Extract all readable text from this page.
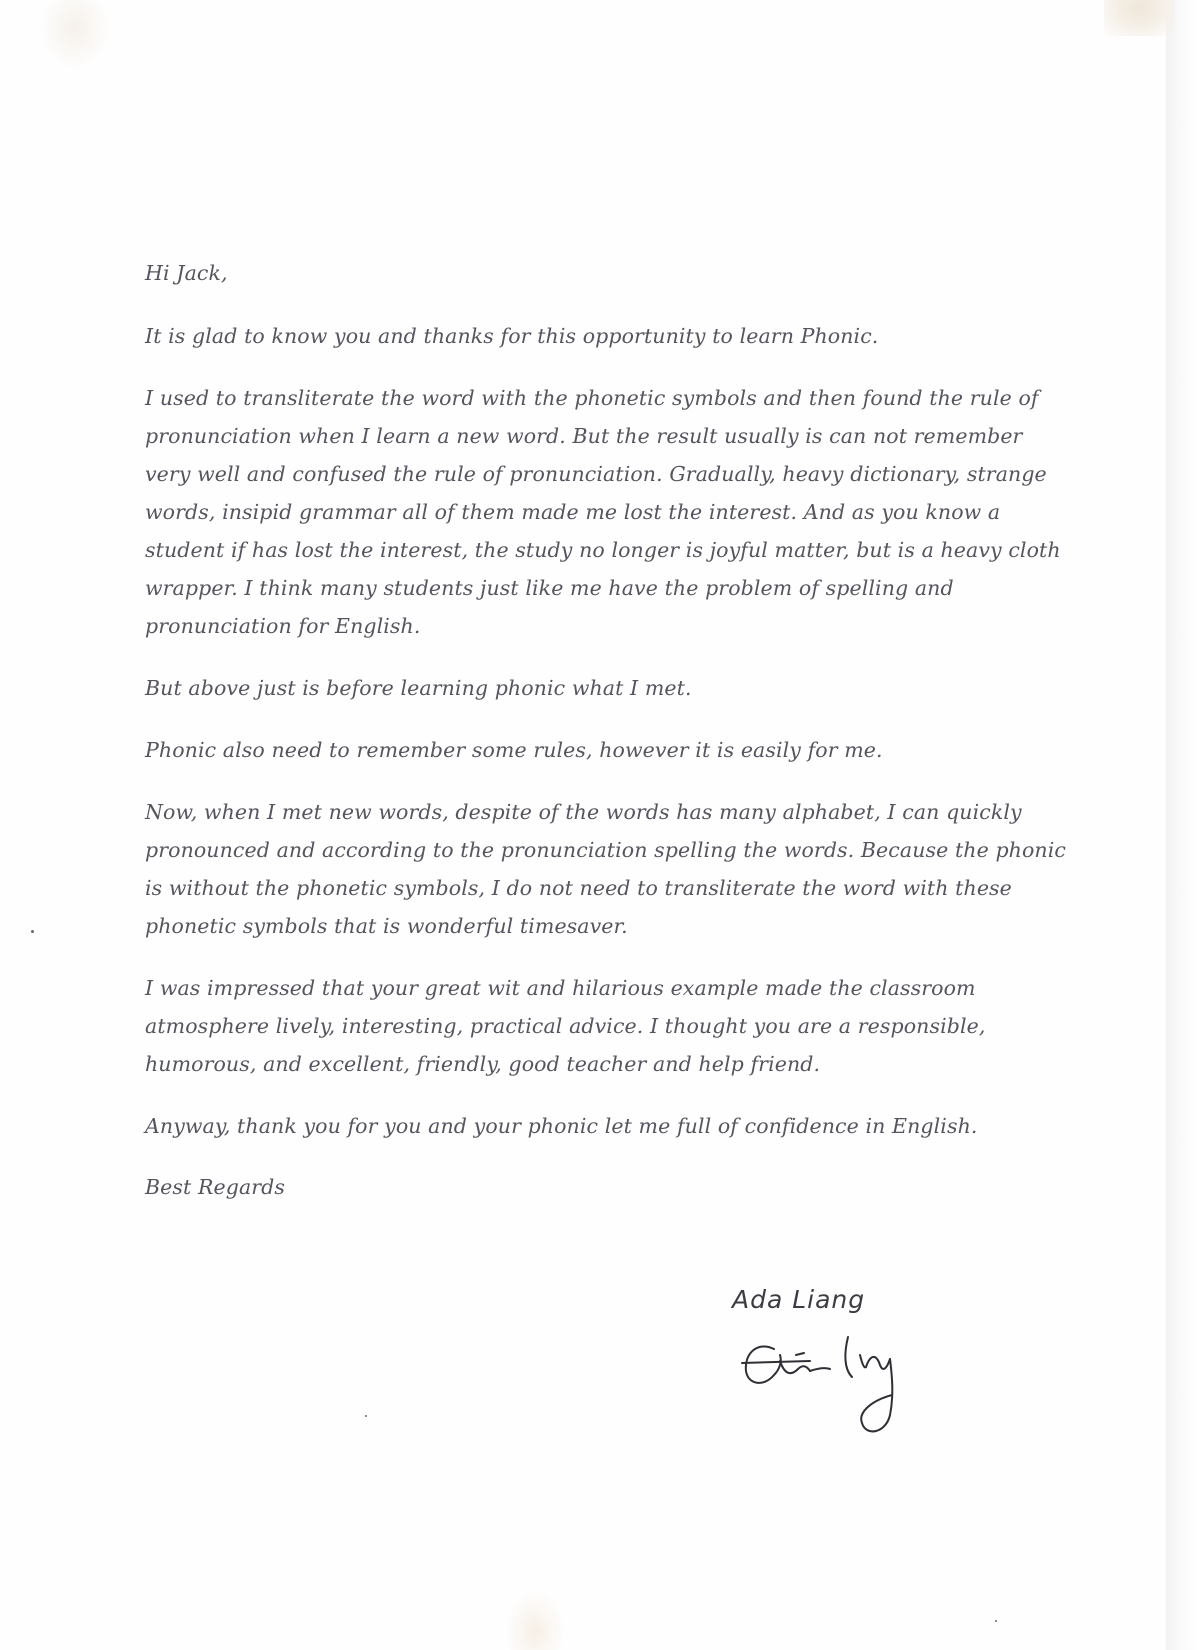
Hi Jack,

It is glad to know you and thanks for this opportunity to learn Phonic.

I used to transliterate the word with the phonetic symbols and then found the rule of pronunciation when I learn a new word. But the result usually is can not remember very well and confused the rule of pronunciation. Gradually, heavy dictionary, strange words, insipid grammar all of them made me lost the interest. And as you know a student if has lost the interest, the study no longer is joyful matter, but is a heavy cloth wrapper. I think many students just like me have the problem of spelling and pronunciation for English.

But above just is before learning phonic what I met.

Phonic also need to remember some rules, however it is easily for me.

Now, when I met new words, despite of the words has many alphabet, I can quickly pronounced and according to the pronunciation spelling the words. Because the phonic is without the phonetic symbols, I do not need to transliterate the word with these phonetic symbols that is wonderful timesaver.

I was impressed that your great wit and hilarious example made the classroom atmosphere lively, interesting, practical advice. I thought you are a responsible, humorous, and excellent, friendly, good teacher and help friend.

Anyway, thank you for you and your phonic let me full of confidence in English.

Best Regards

Ada Liang
